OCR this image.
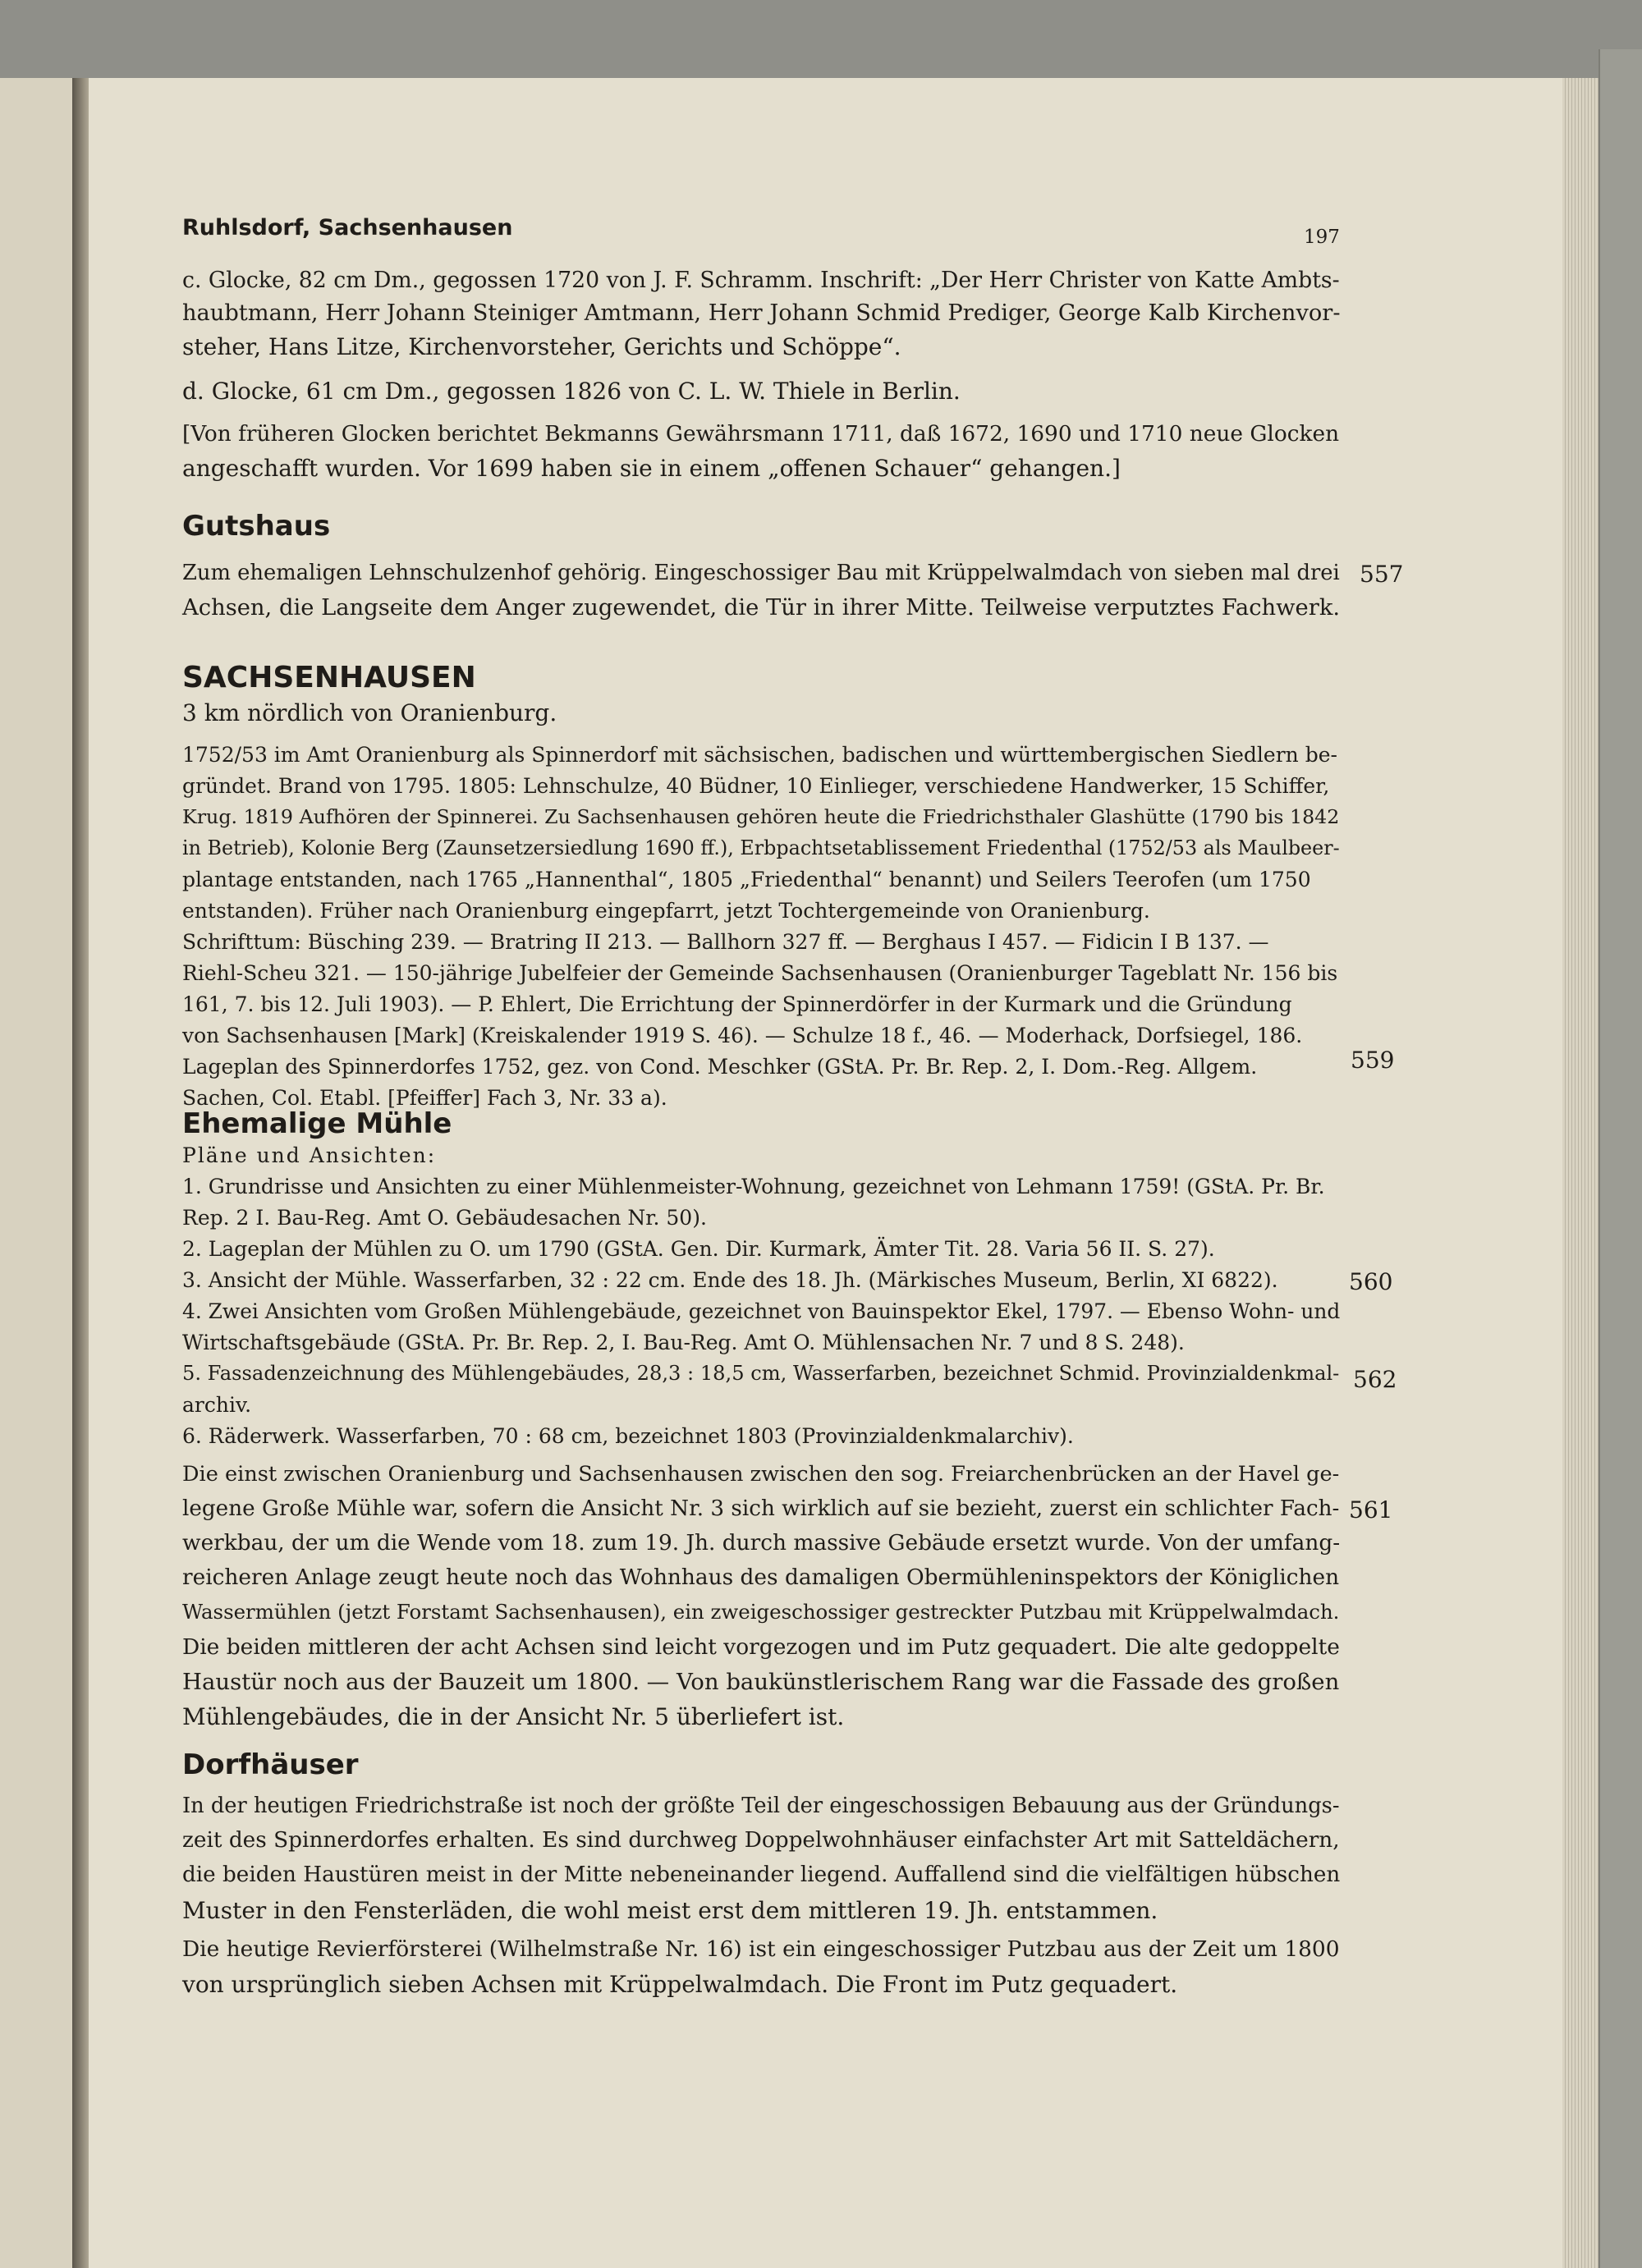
Ruhlsdorf, Sachsenhausen	197
c. Glocke, 82 cm Dm., gegossen 1720 von J. F. Schramm. Inschrift: „Der Herr Christer von Katte Ambts-
haubtmann, Herr Johann Steiniger Amtmann, Herr Johann Schmid Prediger, George Kalb Kirchenvor-
steher, Hans Litze, Kirchenvorsteher, Gerichts und Schöppe“.
d. Glocke, 61 cm Dm., gegossen 1826 von C. L. W. Thiele in Berlin.
[Von früheren Glocken berichtet Bekmanns Gewährsmann 1711, daß 1672, 1690 und 1710 neue Glocken
angeschafft wurden. Vor 1699 haben sie in einem „offenen Schauer“ gehangen.]
Gutshaus
Zum ehemaligen Lehnschulzenhof gehörig. Eingeschossiger Bau mit Krüppelwalmdach von sieben mal drei
Achsen, die Langseite dem Anger zugewendet, die Tür in ihrer Mitte. Teilweise verputztes Fachwerk.
557
SACHSENHAUSEN
3 km nördlich von Oranienburg.
1752/53 im Amt Oranienburg als Spinnerdorf mit sächsischen, badischen und württembergischen Siedlern be-
gründet. Brand von 1795. 1805: Lehnschulze, 40 Büdner, 10 Einlieger, verschiedene Handwerker, 15 Schiffer,
Krug. 1819 Aufhören der Spinnerei. Zu Sachsenhausen gehören heute die Friedrichsthaler Glashütte (1790 bis 1842
in Betrieb), Kolonie Berg (Zaunsetzersiedlung 1690 ff.), Erbpachtsetablissement Friedenthal (1752/53 als Maulbeer-
plantage entstanden, nach 1765 „Hannenthal“, 1805 „Friedenthal“ benannt) und Seilers Teerofen (um 1750
entstanden). Früher nach Oranienburg eingepfarrt, jetzt Tochtergemeinde von Oranienburg.
Schrifttum: Büsching 239. — Bratring II 213. — Ballhorn 327 ff. — Berghaus I 457. — Fidicin I B 137. —
Riehl-Scheu 321. — 150-jährige Jubelfeier der Gemeinde Sachsenhausen (Oranienburger Tageblatt Nr. 156 bis
161, 7. bis 12. Juli 1903). — P. Ehlert, Die Errichtung der Spinnerdörfer in der Kurmark und die Gründung
von Sachsenhausen [Mark] (Kreiskalender 1919 S. 46). — Schulze 18 f., 46. — Moderhack, Dorfsiegel, 186.
Lageplan des Spinnerdorfes 1752, gez. von Cond. Meschker (GStA. Pr. Br. Rep. 2, I. Dom.-Reg. Allgem.
Sachen, Col. Etabl. [Pfeiffer] Fach 3, Nr. 33 a).
559
Ehemalige Mühle
Pläne und Ansichten:
1. Grundrisse und Ansichten zu einer Mühlenmeister-Wohnung, gezeichnet von Lehmann 1759! (GStA. Pr. Br.
Rep. 2 I. Bau-Reg. Amt O. Gebäudesachen Nr. 50).
2. Lageplan der Mühlen zu O. um 1790 (GStA. Gen. Dir. Kurmark, Ämter Tit. 28. Varia 56 II. S. 27).
3. Ansicht der Mühle. Wasserfarben, 32 : 22 cm. Ende des 18. Jh. (Märkisches Museum, Berlin, XI 6822).
4. Zwei Ansichten vom Großen Mühlengebäude, gezeichnet von Bauinspektor Ekel, 1797. — Ebenso Wohn- und
Wirtschaftsgebäude (GStA. Pr. Br. Rep. 2, I. Bau-Reg. Amt O. Mühlensachen Nr. 7 und 8 S. 248).
5. Fassadenzeichnung des Mühlengebäudes, 28,3 : 18,5 cm, Wasserfarben, bezeichnet Schmid. Provinzialdenkmal-
archiv.
6. Räderwerk. Wasserfarben, 70 : 68 cm, bezeichnet 1803 (Provinzialdenkmalarchiv).
560
562
Die einst zwischen Oranienburg und Sachsenhausen zwischen den sog. Freiarchenbrücken an der Havel ge-
legene Große Mühle war, sofern die Ansicht Nr. 3 sich wirklich auf sie bezieht, zuerst ein schlichter Fach-
werkbau, der um die Wende vom 18. zum 19. Jh. durch massive Gebäude ersetzt wurde. Von der umfang-
reicheren Anlage zeugt heute noch das Wohnhaus des damaligen Obermühleninspektors der Königlichen
Wassermühlen (jetzt Forstamt Sachsenhausen), ein zweigeschossiger gestreckter Putzbau mit Krüppelwalmdach.
Die beiden mittleren der acht Achsen sind leicht vorgezogen und im Putz gequadert. Die alte gedoppelte
Haustür noch aus der Bauzeit um 1800. — Von baukünstlerischem Rang war die Fassade des großen
Mühlengebäudes, die in der Ansicht Nr. 5 überliefert ist.
561
Dorfhäuser
In der heutigen Friedrichstraße ist noch der größte Teil der eingeschossigen Bebauung aus der Gründungs-
zeit des Spinnerdorfes erhalten. Es sind durchweg Doppelwohnhäuser einfachster Art mit Satteldächern,
die beiden Haustüren meist in der Mitte nebeneinander liegend. Auffallend sind die vielfältigen hübschen
Muster in den Fensterläden, die wohl meist erst dem mittleren 19. Jh. entstammen.
Die heutige Revierförsterei (Wilhelmstraße Nr. 16) ist ein eingeschossiger Putzbau aus der Zeit um 1800
von ursprünglich sieben Achsen mit Krüppelwalmdach. Die Front im Putz gequadert.
